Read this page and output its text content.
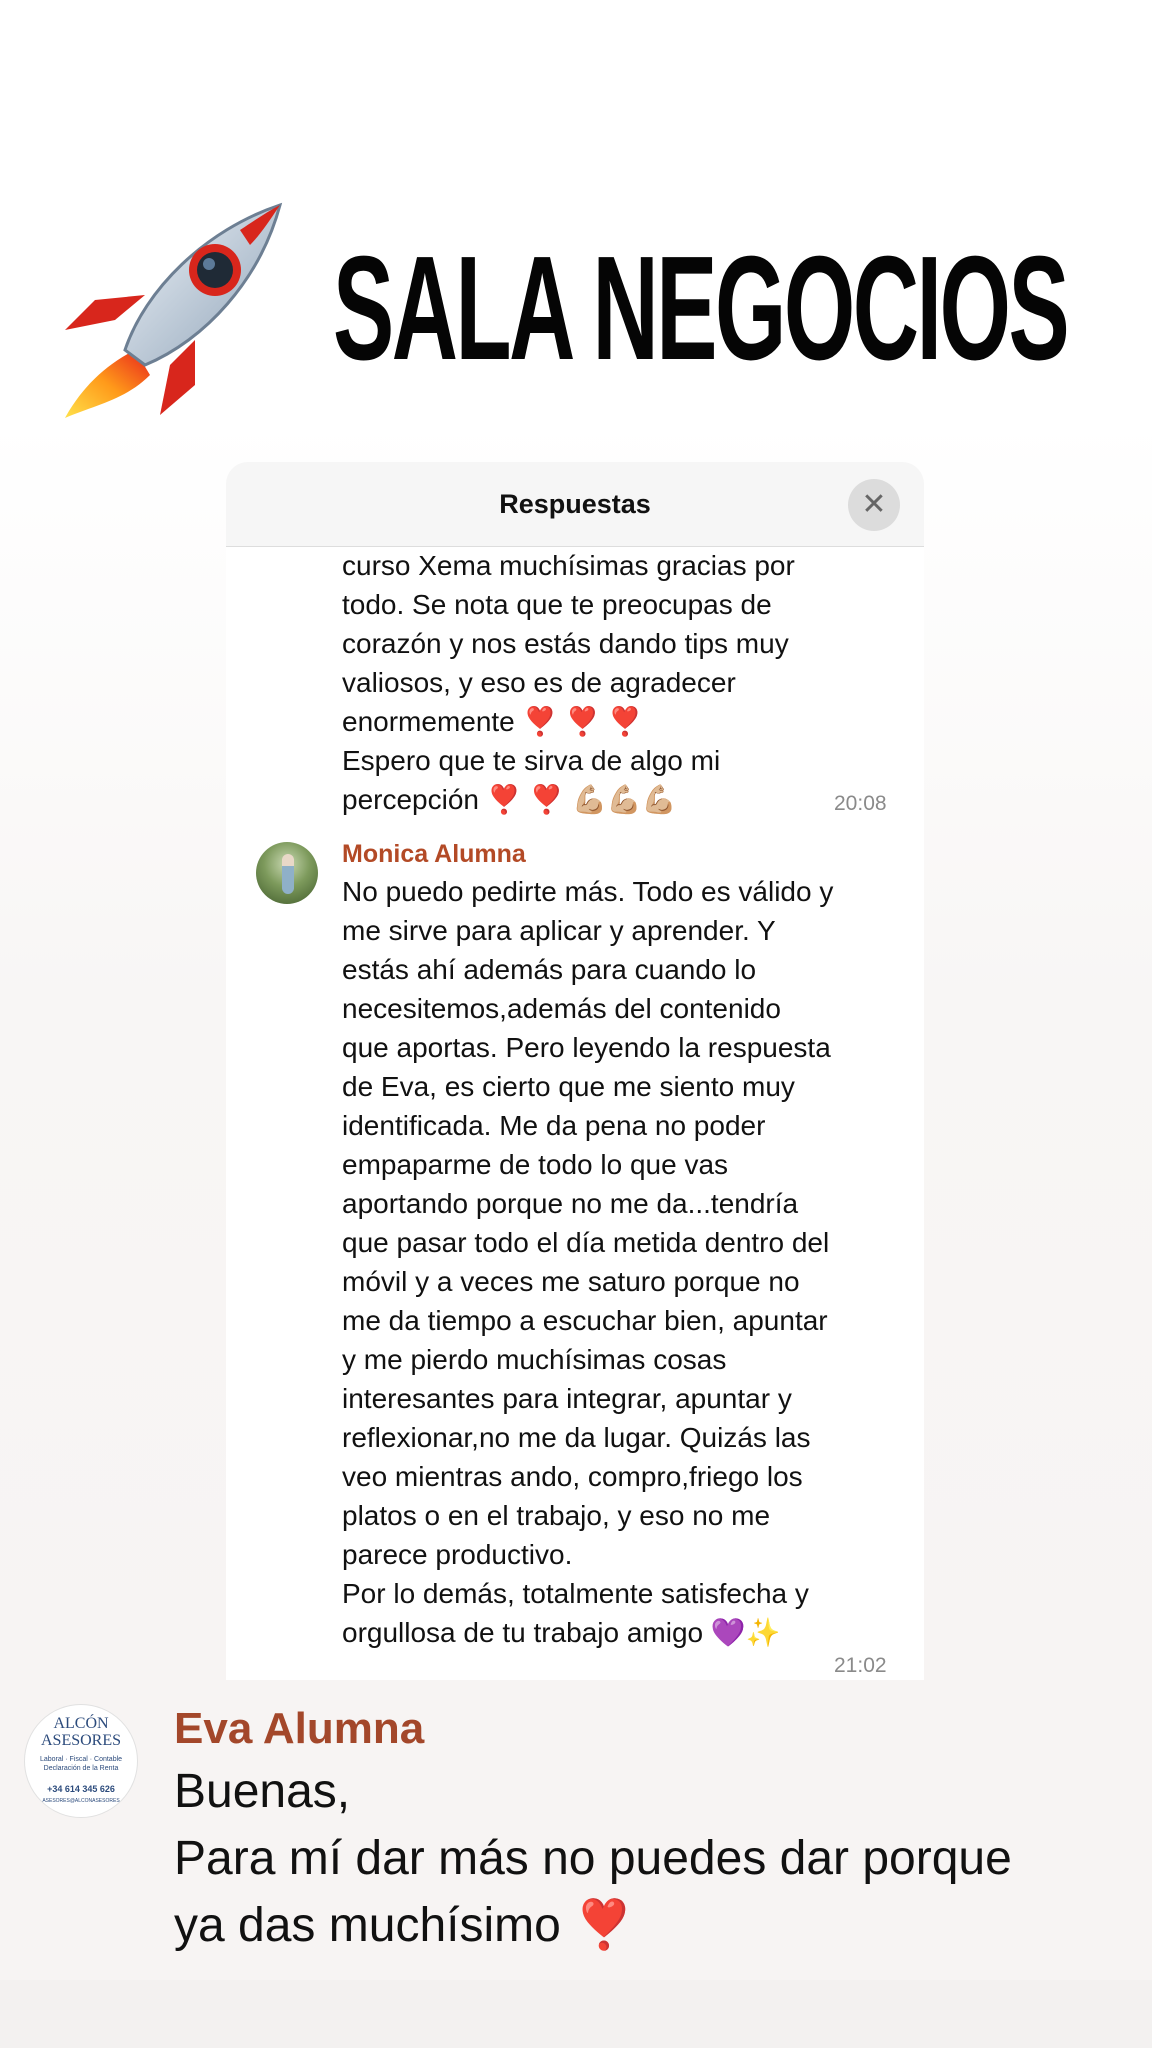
SALA NEGOCIOS
Respuestas	✕
curso Xema muchísimas gracias por
todo. Se nota que te preocupas de
corazón y nos estás dando tips muy
valiosos, y eso es de agradecer
enormemente ❣️ ❣️ ❣️
Espero que te sirva de algo mi
percepción ❣️ ❣️ 💪🏼💪🏼💪🏼	20:08
Monica Alumna
No puedo pedirte más. Todo es válido y
me sirve para aplicar y aprender. Y
estás ahí además para cuando lo
necesitemos,además del contenido
que aportas. Pero leyendo la respuesta
de Eva, es cierto que me siento muy
identificada. Me da pena no poder
empaparme de todo lo que vas
aportando porque no me da...tendría
que pasar todo el día metida dentro del
móvil y a veces me saturo porque no
me da tiempo a escuchar bien, apuntar
y me pierdo muchísimas cosas
interesantes para integrar, apuntar y
reflexionar,no me da lugar. Quizás las
veo mientras ando, compro,friego los
platos o en el trabajo, y eso no me
parece productivo.
Por lo demás, totalmente satisfecha y
orgullosa de tu trabajo amigo 💜✨
21:02
ALCÓN
ASESORES
Laboral · Fiscal · Contable
Declaración de la Renta
+34 614 345 626
ASESORES@ALCONASESORES
Eva Alumna
Buenas,
Para mí dar más no puedes dar porque
ya das muchísimo ❣️
